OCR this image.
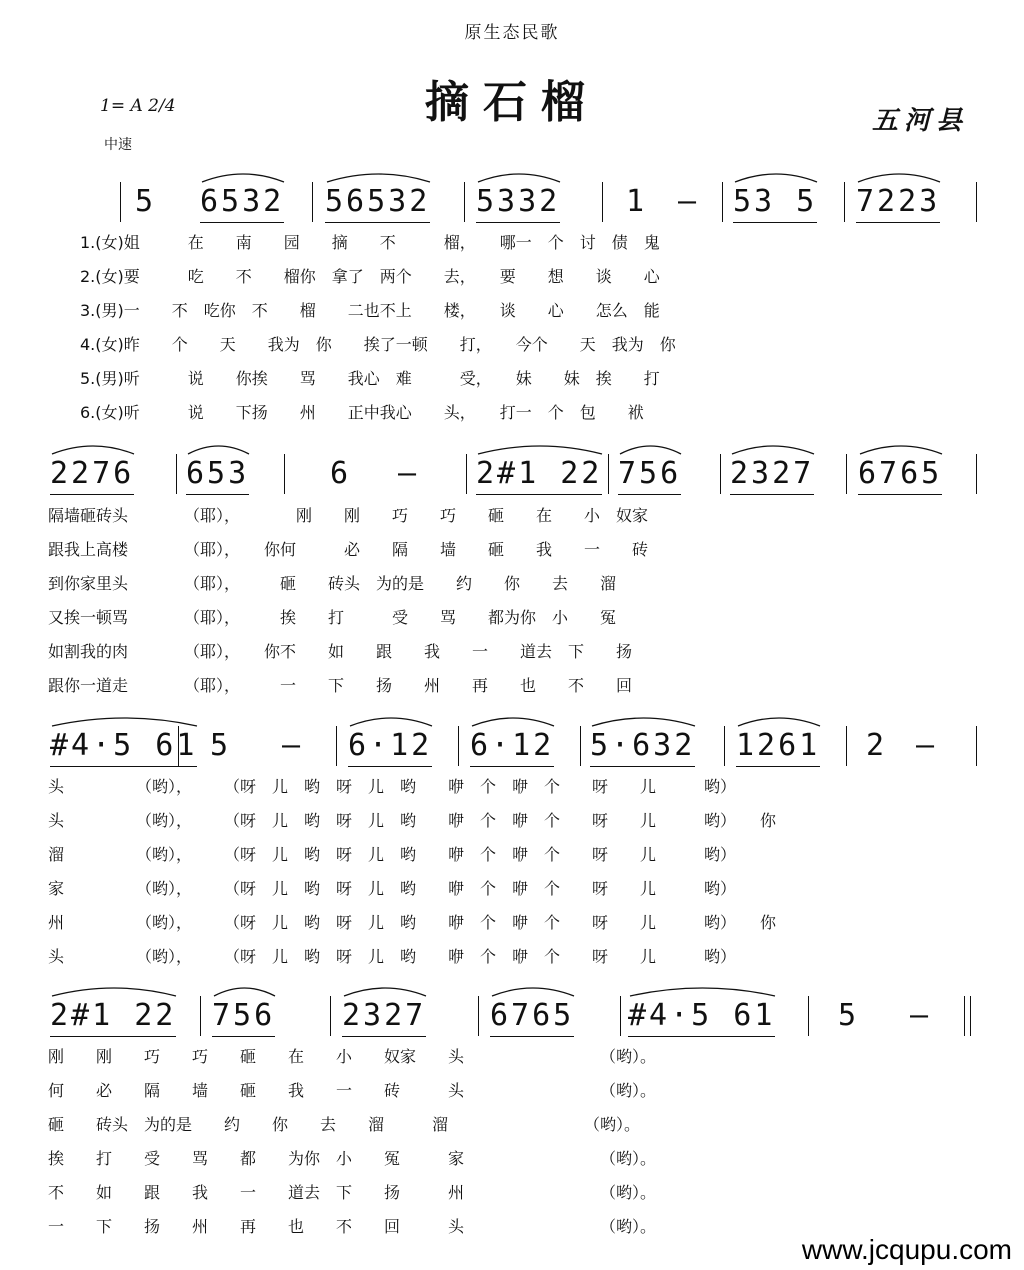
原生态民歌
摘石榴
1= A 2/4
中速
五河县
5 6532 56532 5332 1 — 53 5 7223
1.(女)姐　　　在　　南　　园　　摘　　不　　　榴，　　哪一　个　讨　债　鬼
2.(女)要　　　吃　　不　　榴你　拿了　两个　　去，　　要　　想　　谈　　心
3.(男)一　　不　吃你　不　　榴　　二也不上　　楼，　　谈　　心　　怎么　能
4.(女)昨　　个　　天　　我为　你　　挨了一顿　　打，　　今个　　天　我为　你
5.(男)听　　　说　　你挨　　骂　　我心　难　　　受，　　妹　　妹　挨　　打
6.(女)听　　　说　　下扬　　州　　正中我心　　头，　　打一　个　包　　袱
2276 653	6 — 2#1 22 756 2327 6765
隔墙砸砖头　　　　（耶），　　　　刚　　刚　　巧　　巧　　砸　　在　　小　奴家
跟我上高楼　　　　（耶），　　你何　　　必　　隔　　墙　　砸　　我　　一　　砖
到你家里头　　　　（耶），　　　砸　　砖头　为的是　　约　　你　　去　　溜
又挨一顿骂　　　　（耶），　　　挨　　打　　　受　　骂　　都为你　小　　冤
如割我的肉　　　　（耶），　　你不　　如　　跟　　我　　一　　道去　下　　扬
跟你一道走　　　　（耶），　　　一　　下　　扬　　州　　再　　也　　不　　回
#4·5 61 5 — 6·12 6·12 5·632 1261 2 —
头　　　　　（哟），　　　（呀　儿　哟　呀　儿　哟　　咿　个　咿　个　　呀　　儿　　　哟）
头　　　　　（哟），　　　（呀　儿　哟　呀　儿　哟　　咿　个　咿　个　　呀　　儿　　　哟）　　你
溜　　　　　（哟），　　　（呀　儿　哟　呀　儿　哟　　咿　个　咿　个　　呀　　儿　　　哟）
家　　　　　（哟），　　　（呀　儿　哟　呀　儿　哟　　咿　个　咿　个　　呀　　儿　　　哟）
州　　　　　（哟），　　　（呀　儿　哟　呀　儿　哟　　咿　个　咿　个　　呀　　儿　　　哟）　　你
头　　　　　（哟），　　　（呀　儿　哟　呀　儿　哟　　咿　个　咿　个　　呀　　儿　　　哟）
2#1 22 756 2327 6765 #4·5 61 5 —
刚　　刚　　巧　　巧　　砸　　在　　小　　奴家　　头　　　　　　　　　（哟）。
何　　必　　隔　　墙　　砸　　我　　一　　砖　　　头　　　　　　　　　（哟）。
砸　　砖头　为的是　　约　　你　　去　　溜　　　溜　　　　　　　　　（哟）。
挨　　打　　受　　骂　　都　　为你　小　　冤　　　家　　　　　　　　　（哟）。
不　　如　　跟　　我　　一　　道去　下　　扬　　　州　　　　　　　　　（哟）。
一　　下　　扬　　州　　再　　也　　不　　回　　　头　　　　　　　　　（哟）。
www.jcqupu.com
